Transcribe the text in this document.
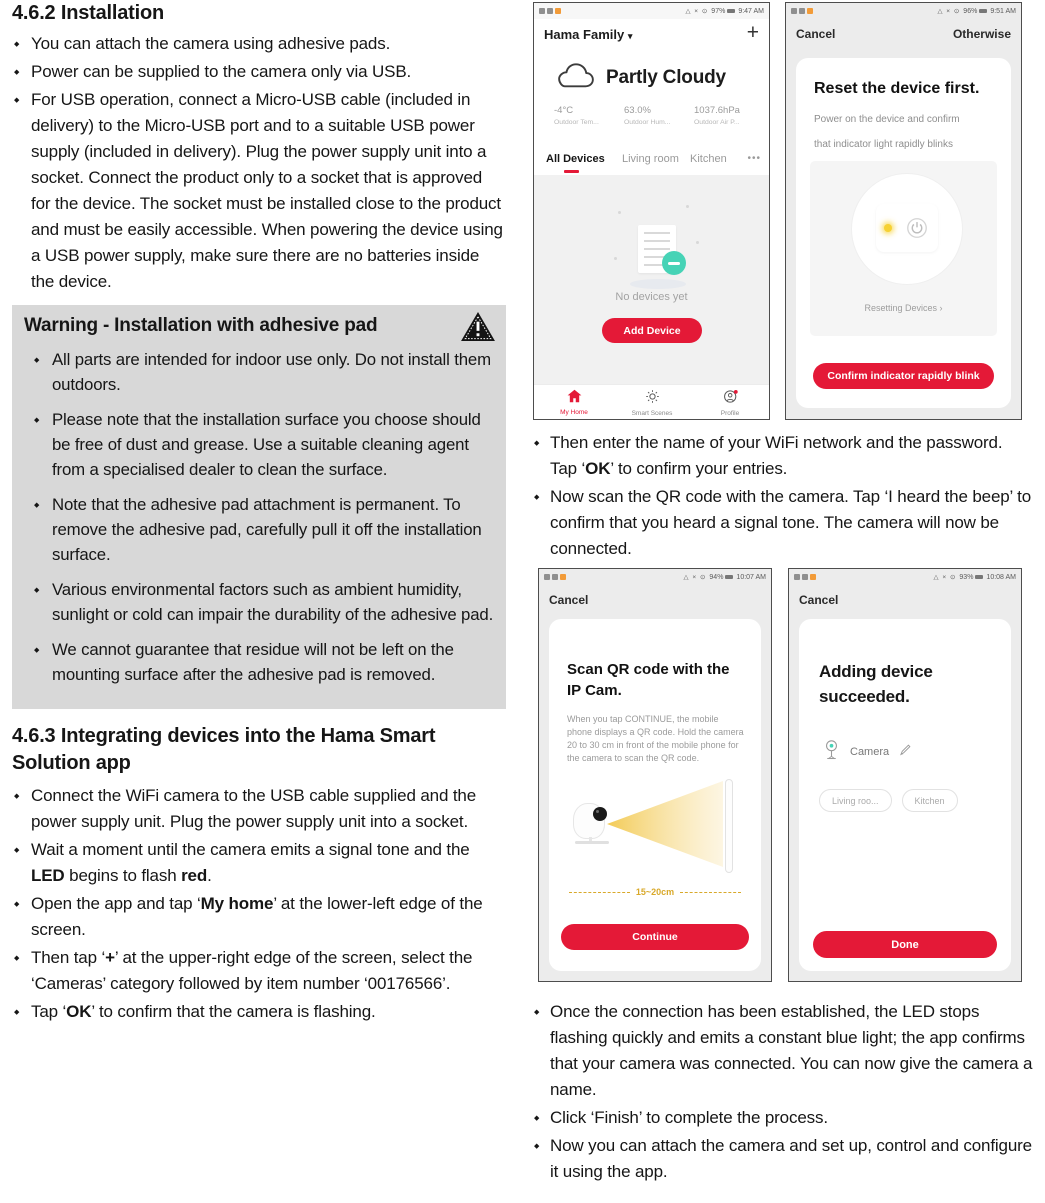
4.6.2 Installation
◆ You can attach the camera using adhesive pads.
◆ Power can be supplied to the camera only via USB.
◆ For USB operation, connect a Micro-USB cable (included in delivery) to the Micro-USB port and to a suitable USB power supply (included in delivery). Plug the power supply unit into a socket. Connect the product only to a socket that is approved for the device. The socket must be installed close to the product and must be easily accessible. When powering the device using a USB power supply, make sure there are no batteries inside the device.
Warning - Installation with adhesive pad
◆ All parts are intended for indoor use only. Do not install them outdoors.
◆ Please note that the installation surface you choose should be free of dust and grease. Use a suitable cleaning agent from a specialised dealer to clean the surface.
◆ Note that the adhesive pad attachment is permanent. To remove the adhesive pad, carefully pull it off the installation surface.
◆ Various environmental factors such as ambient humidity, sunlight or cold can impair the durability of the adhesive pad.
◆ We cannot guarantee that residue will not be left on the mounting surface after the adhesive pad is removed.
4.6.3 Integrating devices into the Hama Smart Solution app
◆ Connect the WiFi camera to the USB cable supplied and the power supply unit. Plug the power supply unit into a socket.
◆ Wait a moment until the camera emits a signal tone and the LED begins to flash red.
◆ Open the app and tap ‘My home’ at the lower-left edge of the screen.
◆ Then tap ‘+’ at the upper-right edge of the screen, select the ‘Cameras’ category followed by item number ‘00176566’.
◆ Tap ‘OK’ to confirm that the camera is flashing.
△ × ⊙ 97% 9:47 AM
Hama Family ▾	+
Partly Cloudy
-4°C
Outdoor Tem...
63.0%
Outdoor Hum...
1037.6hPa
Outdoor Air P...
All Devices Living room Kitchen •••
No devices yet
Add Device
My Home	Smart Scenes	Profile
△ × ⊙ 96% 9:51 AM
Cancel	Otherwise
Reset the device first.
Power on the device and confirm
that indicator light rapidly blinks
Resetting Devices ›
Confirm indicator rapidly blink
◆ Then enter the name of your WiFi network and the password. Tap ‘OK’ to confirm your entries.
◆ Now scan the QR code with the camera. Tap ‘I heard the beep’ to confirm that you heard a signal tone. The camera will now be connected.
△ × ⊙ 94% 10:07 AM
Cancel
Scan QR code with the IP Cam.
When you tap CONTINUE, the mobile phone displays a QR code. Hold the camera 20 to 30 cm in front of the mobile phone for the camera to scan the QR code.
15~20cm
Continue
△ × ⊙ 93% 10:08 AM
Cancel
Adding device succeeded.
Camera
Living roo...	Kitchen
Done
◆ Once the connection has been established, the LED stops flashing quickly and emits a constant blue light; the app confirms that your camera was connected. You can now give the camera a name.
◆ Click ‘Finish’ to complete the process.
◆ Now you can attach the camera and set up, control and configure it using the app.
